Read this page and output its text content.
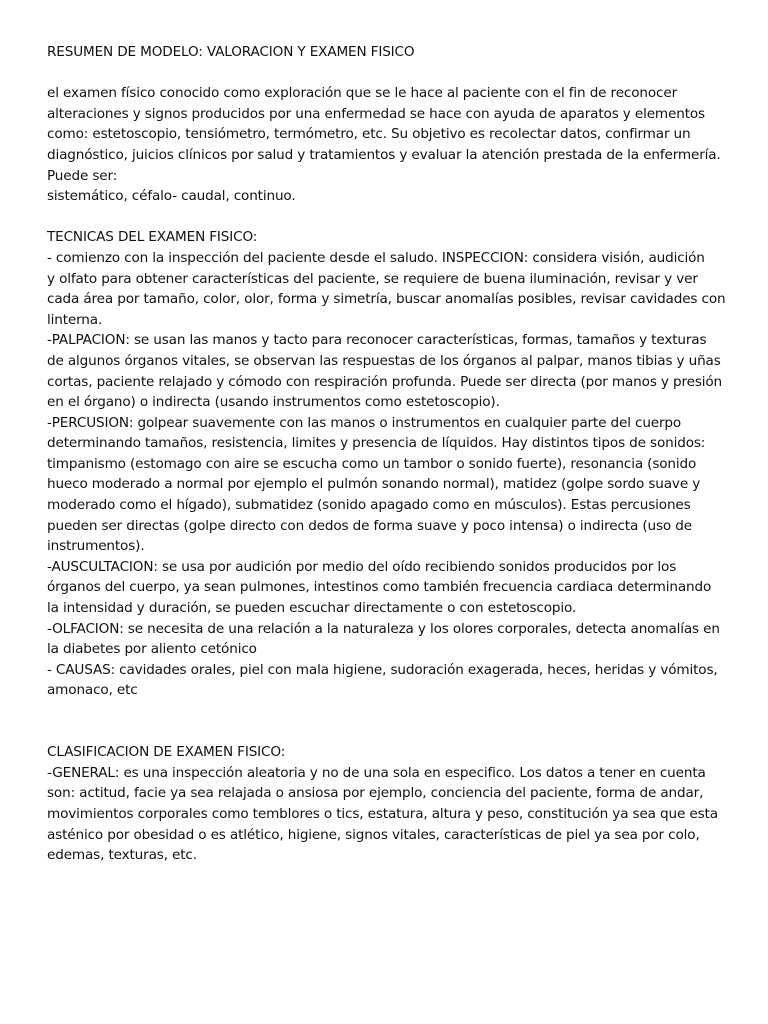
RESUMEN DE MODELO: VALORACION Y EXAMEN FISICO
el examen físico conocido como exploración que se le hace al paciente con el fin de reconocer
alteraciones y signos producidos por una enfermedad se hace con ayuda de aparatos y elementos
como: estetoscopio, tensiómetro, termómetro, etc. Su objetivo es recolectar datos, confirmar un
diagnóstico, juicios clínicos por salud y tratamientos y evaluar la atención prestada de la enfermería.
Puede ser:
sistemático, céfalo- caudal, continuo.
TECNICAS DEL EXAMEN FISICO:
- comienzo con la inspección del paciente desde el saludo. INSPECCION: considera visión, audición
y olfato para obtener características del paciente, se requiere de buena iluminación, revisar y ver
cada área por tamaño, color, olor, forma y simetría, buscar anomalías posibles, revisar cavidades con
linterna.
-PALPACION: se usan las manos y tacto para reconocer características, formas, tamaños y texturas
de algunos órganos vitales, se observan las respuestas de los órganos al palpar, manos tibias y uñas
cortas, paciente relajado y cómodo con respiración profunda. Puede ser directa (por manos y presión
en el órgano) o indirecta (usando instrumentos como estetoscopio).
-PERCUSION: golpear suavemente con las manos o instrumentos en cualquier parte del cuerpo
determinando tamaños, resistencia, limites y presencia de líquidos. Hay distintos tipos de sonidos:
timpanismo (estomago con aire se escucha como un tambor o sonido fuerte), resonancia (sonido
hueco moderado a normal por ejemplo el pulmón sonando normal), matidez (golpe sordo suave y
moderado como el hígado), submatidez (sonido apagado como en músculos). Estas percusiones
pueden ser directas (golpe directo con dedos de forma suave y poco intensa) o indirecta (uso de
instrumentos).
-AUSCULTACION: se usa por audición por medio del oído recibiendo sonidos producidos por los
órganos del cuerpo, ya sean pulmones, intestinos como también frecuencia cardiaca determinando
la intensidad y duración, se pueden escuchar directamente o con estetoscopio.
-OLFACION: se necesita de una relación a la naturaleza y los olores corporales, detecta anomalías en
la diabetes por aliento cetónico
- CAUSAS: cavidades orales, piel con mala higiene, sudoración exagerada, heces, heridas y vómitos,
amonaco, etc
CLASIFICACION DE EXAMEN FISICO:
-GENERAL: es una inspección aleatoria y no de una sola en especifico. Los datos a tener en cuenta
son: actitud, facie ya sea relajada o ansiosa por ejemplo, conciencia del paciente, forma de andar,
movimientos corporales como temblores o tics, estatura, altura y peso, constitución ya sea que esta
asténico por obesidad o es atlético, higiene, signos vitales, características de piel ya sea por colo,
edemas, texturas, etc.
